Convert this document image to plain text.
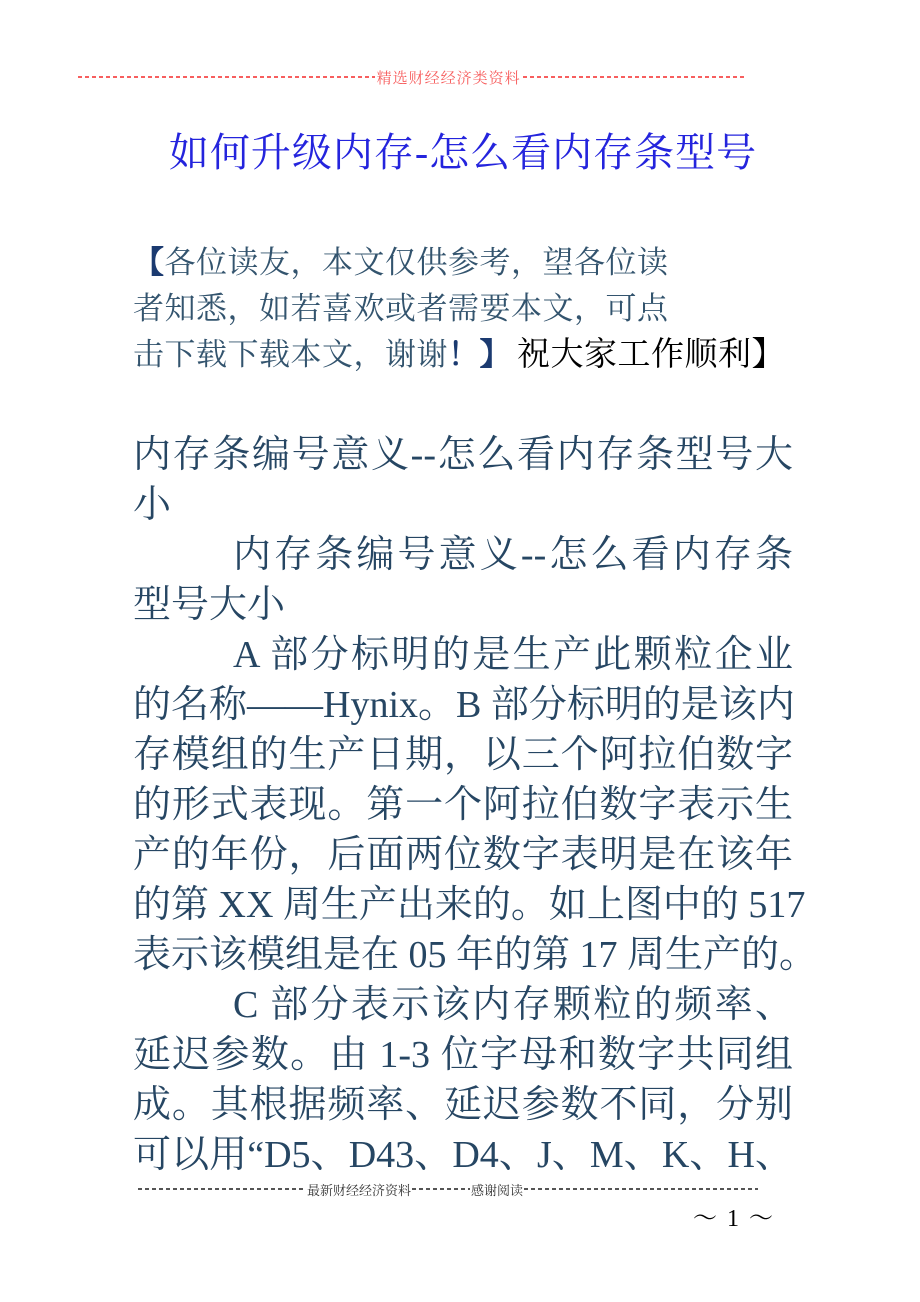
精选财经经济类资料
如何升级内存-怎么看内存条型号
【各位读友，本文仅供参考，望各位读
者知悉，如若喜欢或者需要本文，可点
击下载下载本文，谢谢！】 祝大家工作顺利】
内存条编号意义--怎么看内存条型号大
小
内存条编号意义--怎么看内存条
型号大小
A 部分标明的是生产此颗粒企业
的名称——Hynix。B 部分标明的是该内
存模组的生产日期，以三个阿拉伯数字
的形式表现。第一个阿拉伯数字表示生
产的年份，后面两位数字表明是在该年
的第 XX 周生产出来的。如上图中的 517
表示该模组是在 05 年的第 17 周生产的。
C 部分表示该内存颗粒的频率、
延迟参数。由 1-3 位字母和数字共同组
成。其根据频率、延迟参数不同，分别
可以用“D5、D43、D4、J、M、K、H、
最新财经经济资料	感谢阅读
～ 1 ～
